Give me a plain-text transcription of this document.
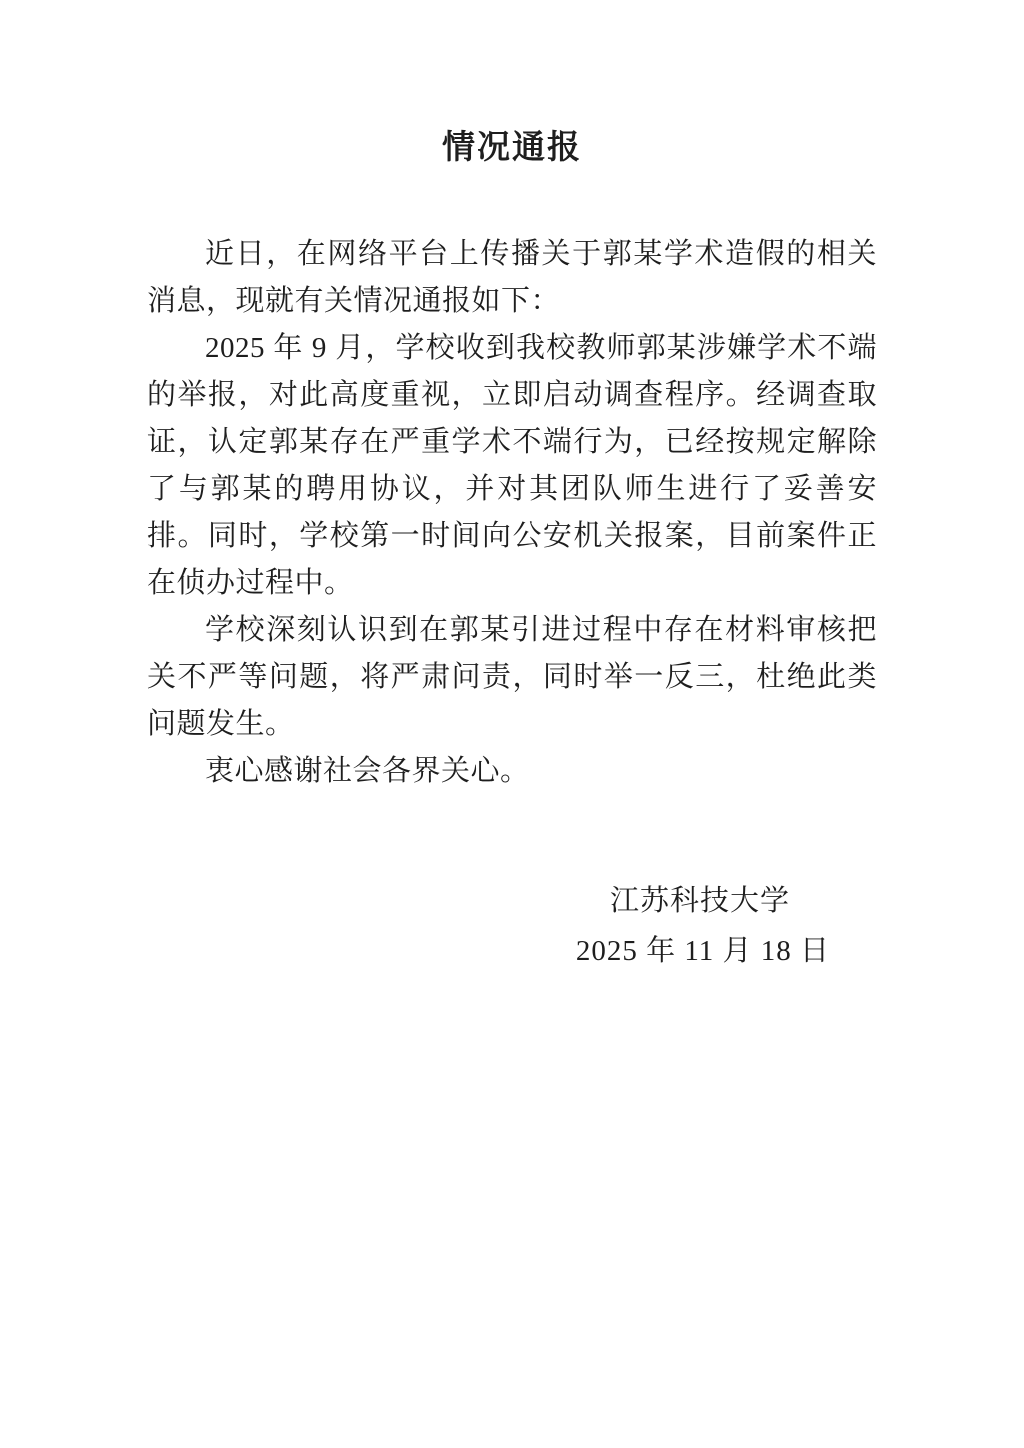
情况通报

近日，在网络平台上传播关于郭某学术造假的相关消息，现就有关情况通报如下：

2025 年 9 月，学校收到我校教师郭某涉嫌学术不端的举报，对此高度重视，立即启动调查程序。经调查取证，认定郭某存在严重学术不端行为，已经按规定解除了与郭某的聘用协议，并对其团队师生进行了妥善安排。同时，学校第一时间向公安机关报案，目前案件正在侦办过程中。

学校深刻认识到在郭某引进过程中存在材料审核把关不严等问题，将严肃问责，同时举一反三，杜绝此类问题发生。

衷心感谢社会各界关心。

江苏科技大学

2025 年 11 月 18 日
